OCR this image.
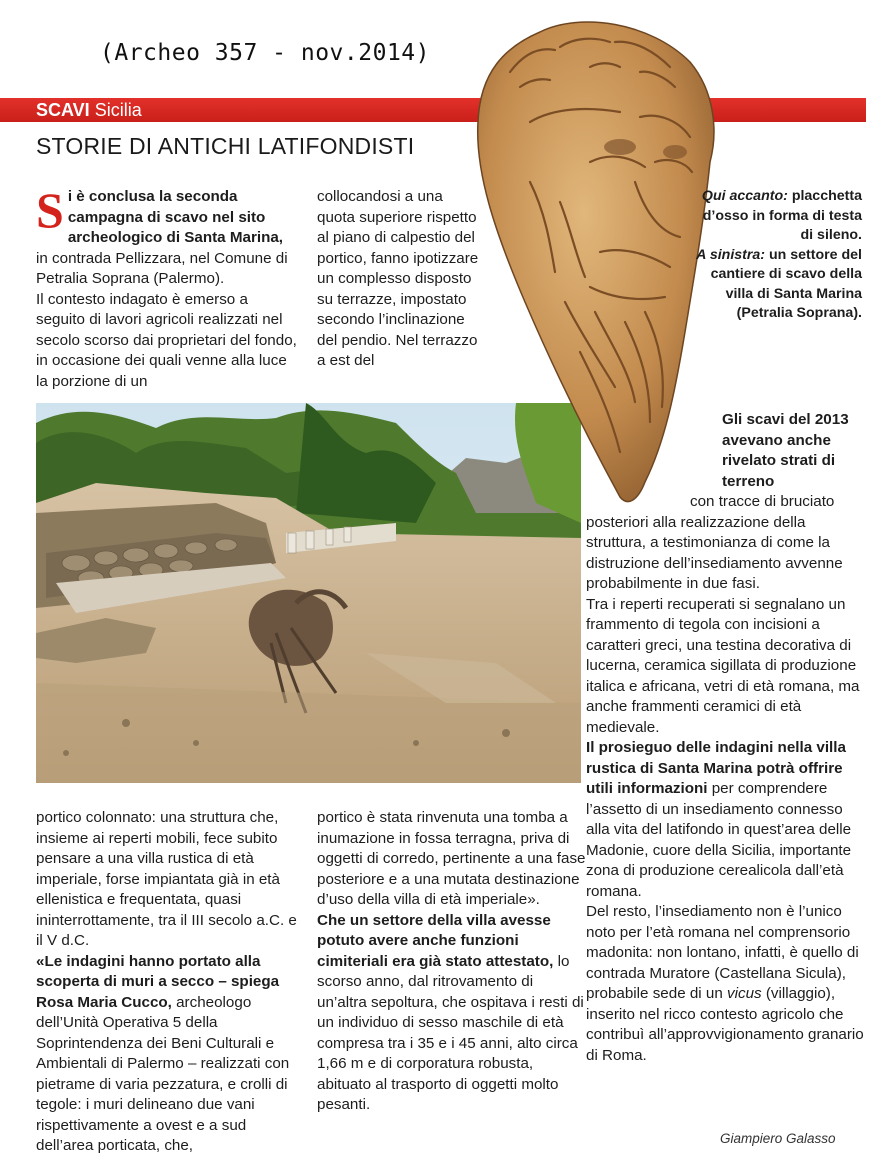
(Archeo 357 - nov.2014)
SCAVI Sicilia
STORIE DI ANTICHI LATIFONDISTI
Si è conclusa la seconda campagna di scavo nel sito archeologico di Santa Marina, in contrada Pellizzara, nel Comune di Petralia Soprana (Palermo).
Il contesto indagato è emerso a seguito di lavori agricoli realizzati nel secolo scorso dai proprietari del fondo, in occasione dei quali venne alla luce la porzione di un
collocandosi a una quota superiore rispetto al piano di calpestio del portico, fanno ipotizzare un complesso disposto su terrazze, impostato secondo l’inclinazione del pendio. Nel terrazzo a est del
Qui accanto: placchetta d’osso in forma di testa di sileno.
A sinistra: un settore del cantiere di scavo della villa di Santa Marina (Petralia Soprana).
Gli scavi del 2013 avevano anche rivelato strati di terreno
con tracce di bruciato posteriori alla realizzazione della struttura, a testimonianza di come la distruzione dell’insediamento avvenne probabilmente in due fasi.
Tra i reperti recuperati si segnalano un frammento di tegola con incisioni a caratteri greci, una testina decorativa di lucerna, ceramica sigillata di produzione italica e africana, vetri di età romana, ma anche frammenti ceramici di età medievale.
Il prosieguo delle indagini nella villa rustica di Santa Marina potrà offrire utili informazioni per comprendere l’assetto di un insediamento connesso alla vita del latifondo in quest’area delle Madonie, cuore della Sicilia, importante zona di produzione cerealicola dall’età romana.
Del resto, l’insediamento non è l’unico noto per l’età romana nel comprensorio madonita: non lontano, infatti, è quello di contrada Muratore (Castellana Sicula), probabile sede di un vicus (villaggio), inserito nel ricco contesto agricolo che contribuì all’approvvigionamento granario di Roma.
portico colonnato: una struttura che, insieme ai reperti mobili, fece subito pensare a una villa rustica di età imperiale, forse impiantata già in età ellenistica e frequentata, quasi ininterrottamente, tra il III secolo a.C. e il V d.C.
«Le indagini hanno portato alla scoperta di muri a secco – spiega Rosa Maria Cucco, archeologo dell’Unità Operativa 5 della Soprintendenza dei Beni Culturali e Ambientali di Palermo – realizzati con pietrame di varia pezzatura, e crolli di tegole: i muri delineano due vani rispettivamente a ovest e a sud dell’area porticata, che,
portico è stata rinvenuta una tomba a inumazione in fossa terragna, priva di oggetti di corredo, pertinente a una fase posteriore e a una mutata destinazione d’uso della villa di età imperiale».
Che un settore della villa avesse potuto avere anche funzioni cimiteriali era già stato attestato, lo scorso anno, dal ritrovamento di un’altra sepoltura, che ospitava i resti di un individuo di sesso maschile di età compresa tra i 35 e i 45 anni, alto circa 1,66 m e di corporatura robusta, abituato al trasporto di oggetti molto pesanti.
Giampiero Galasso
